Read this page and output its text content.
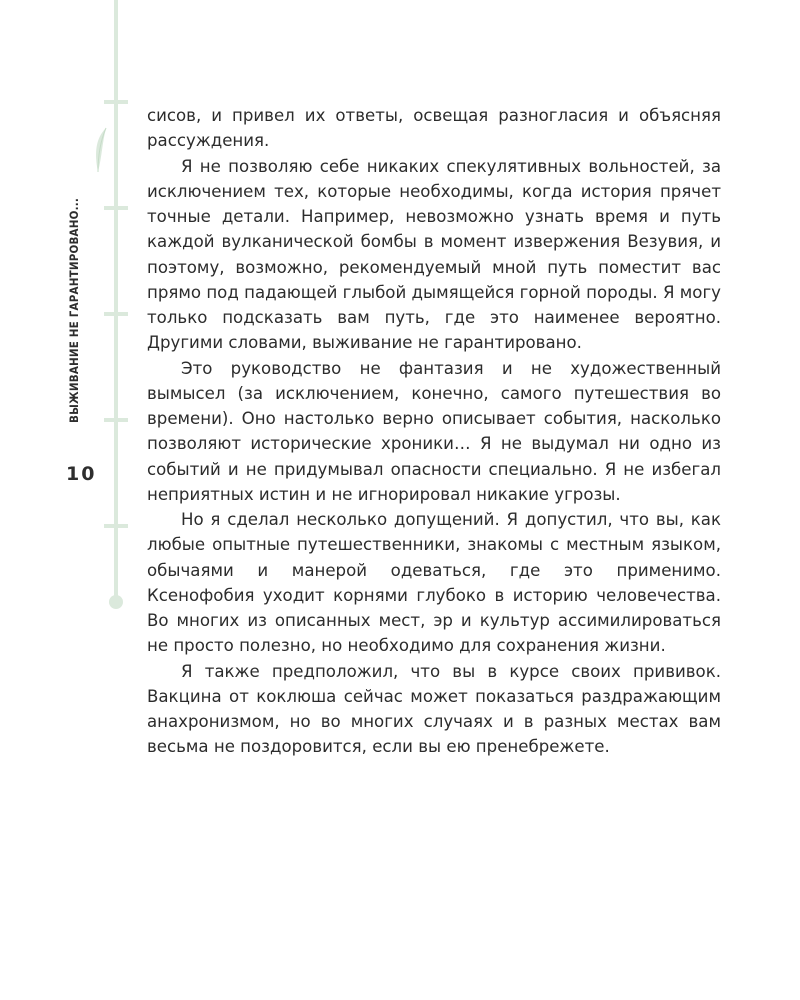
ВЫЖИВАНИЕ НЕ ГАРАНТИРОВАНО...
10

сисов, и привел их ответы, освещая разногласия и объясняя рассуждения.

Я не позволяю себе никаких спекулятивных вольностей, за исключением тех, которые необходимы, когда история прячет точные детали. Например, невозможно узнать время и путь каждой вулканической бомбы в момент извержения Везувия, и поэтому, возможно, рекомендуемый мной путь поместит вас прямо под падающей глыбой дымящейся горной породы. Я могу только подсказать вам путь, где это наименее вероятно. Другими словами, выживание не гарантировано.

Это руководство не фантазия и не художественный вымысел (за исключением, конечно, самого путешествия во времени). Оно настолько верно описывает события, насколько позволяют исторические хроники… Я не выдумал ни одно из событий и не придумывал опасности специально. Я не избегал неприятных истин и не игнорировал никакие угрозы.

Но я сделал несколько допущений. Я допустил, что вы, как любые опытные путешественники, знакомы с местным языком, обычаями и манерой одеваться, где это применимо. Ксенофобия уходит корнями глубоко в историю человечества. Во многих из описанных мест, эр и культур ассимилироваться не просто полезно, но необходимо для сохранения жизни.

Я также предположил, что вы в курсе своих прививок. Вакцина от коклюша сейчас может показаться раздражающим анахронизмом, но во многих случаях и в разных местах вам весьма не поздоровится, если вы ею пренебрежете.
